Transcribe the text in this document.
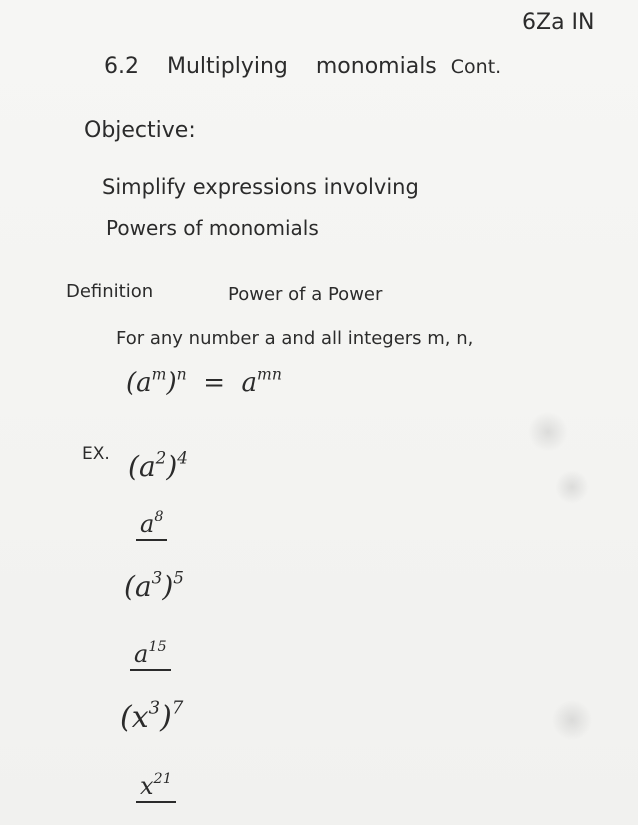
6Za IN
6.2 Multiplying monomials Cont.
Objective:
Simplify expressions involving
Powers of monomials
Definition	Power of a Power
For any number a and all integers m, n,
$(a^m)^n = a^{mn}$
EX. $(a^2)^4$
$a^8$
$(a^3)^5$
$a^{15}$
$(x^3)^7$
$x^{21}$
